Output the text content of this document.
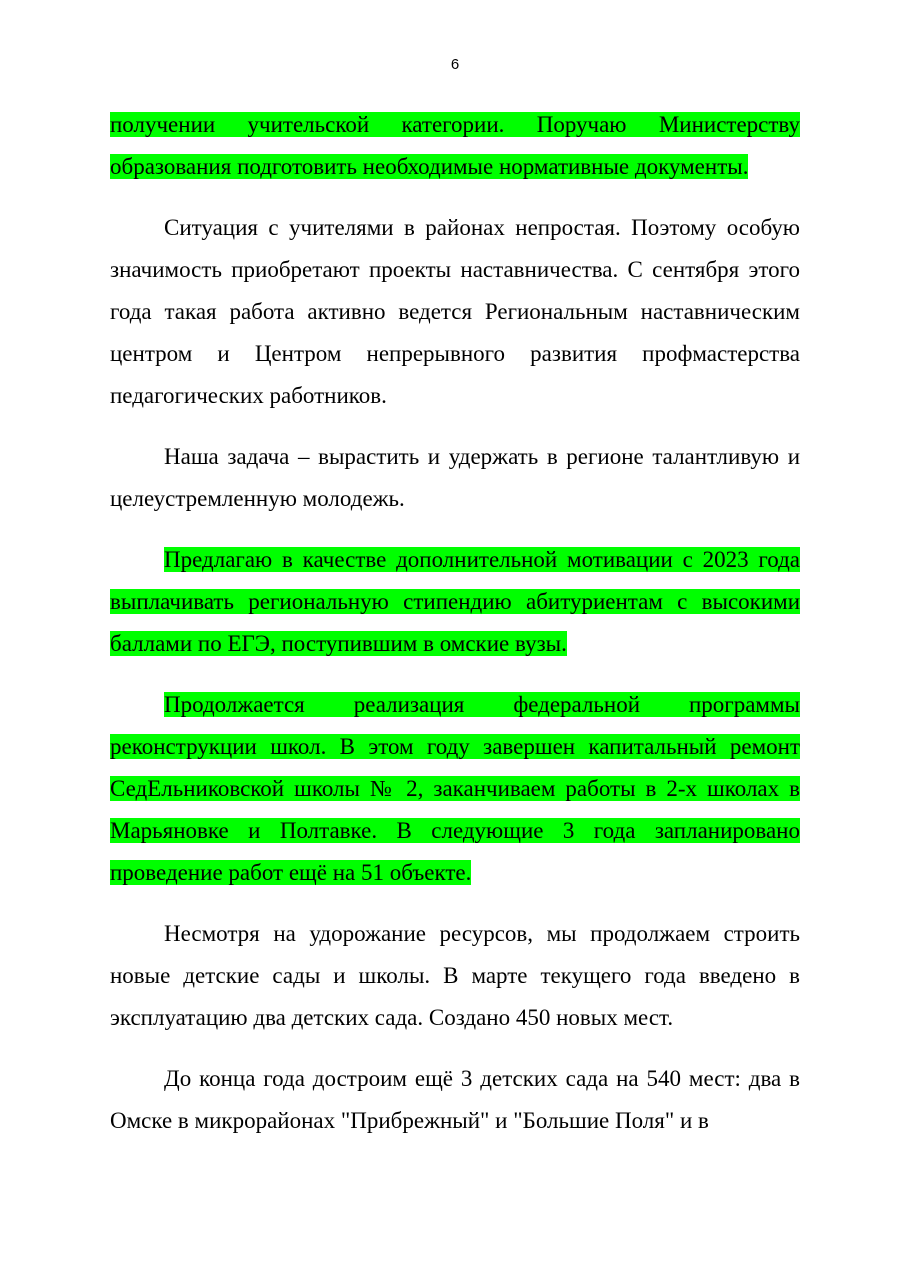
6

получении учительской категории. Поручаю Министерству образования подготовить необходимые нормативные документы.

Ситуация с учителями в районах непростая. Поэтому особую значимость приобретают проекты наставничества. С сентября этого года такая работа активно ведется Региональным наставническим центром и Центром непрерывного развития профмастерства педагогических работников.

Наша задача – вырастить и удержать в регионе талантливую и целеустремленную молодежь.

Предлагаю в качестве дополнительной мотивации с 2023 года выплачивать региональную стипендию абитуриентам с высокими баллами по ЕГЭ, поступившим в омские вузы.

Продолжается реализация федеральной программы реконструкции школ. В этом году завершен капитальный ремонт СедЕльниковской школы № 2, заканчиваем работы в 2-х школах в Марьяновке и Полтавке. В следующие 3 года запланировано проведение работ ещё на 51 объекте.

Несмотря на удорожание ресурсов, мы продолжаем строить новые детские сады и школы. В марте текущего года введено в эксплуатацию два детских сада. Создано 450 новых мест.

До конца года достроим ещё 3 детских сада на 540 мест: два в Омске в микрорайонах "Прибрежный" и "Большие Поля" и в
